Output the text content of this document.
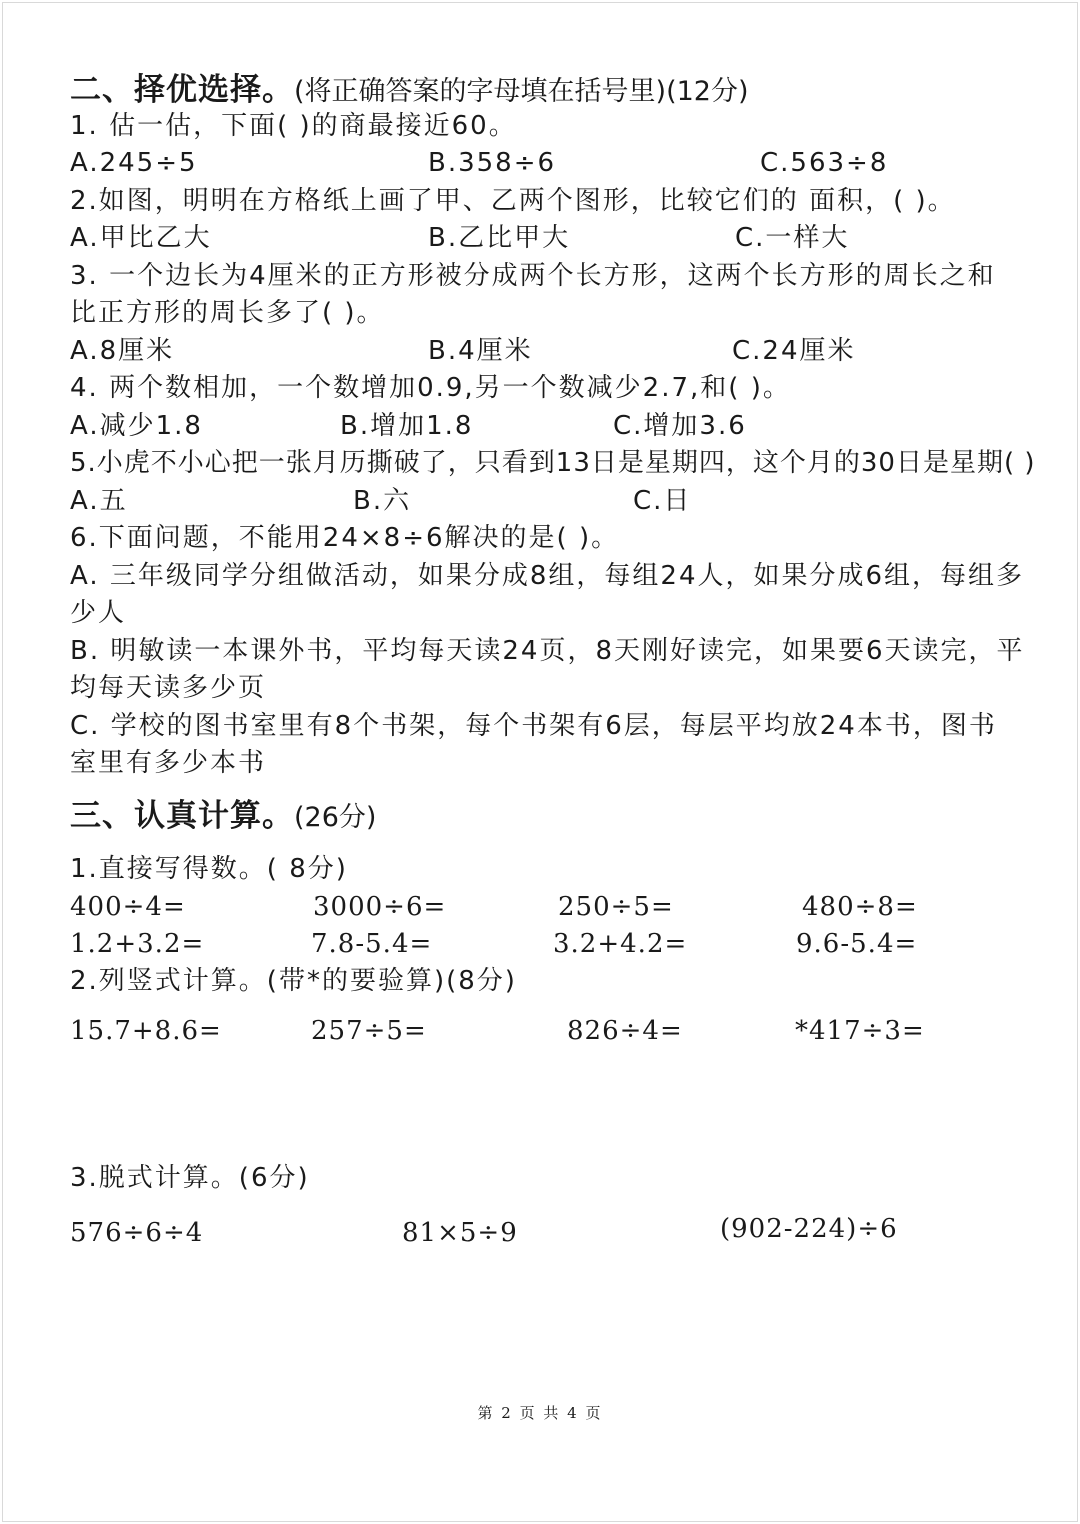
二、择优选择。(将正确答案的字母填在括号里)(12分)
1. 估一估，下面( )的商最接近60。
A.245÷5	B.358÷6	C.563÷8
2.如图，明明在方格纸上画了甲、乙两个图形，比较它们的 面积，( )。
A.甲比乙大	B.乙比甲大	C.一样大
3. 一个边长为4厘米的正方形被分成两个长方形，这两个长方形的周长之和
比正方形的周长多了( )。
A.8厘米	B.4厘米	C.24厘米
4. 两个数相加，一个数增加0.9,另一个数减少2.7,和( )。
A.减少1.8	B.增加1.8	C.增加3.6
5.小虎不小心把一张月历撕破了，只看到13日是星期四，这个月的30日是星期( )
A.五	B.六	C.日
6.下面问题，不能用24×8÷6解决的是( )。
A. 三年级同学分组做活动，如果分成8组，每组24人，如果分成6组，每组多
少人
B. 明敏读一本课外书，平均每天读24页，8天刚好读完，如果要6天读完，平
均每天读多少页
C. 学校的图书室里有8个书架，每个书架有6层，每层平均放24本书，图书
室里有多少本书
三、认真计算。(26分)
1.直接写得数。( 8分)
400÷4=	3000÷6=	250÷5=	480÷8=
1.2+3.2=	7.8-5.4=	3.2+4.2=	9.6-5.4=
2.列竖式计算。(带*的要验算)(8分)
15.7+8.6=	257÷5=	826÷4=	*417÷3=
3.脱式计算。(6分)
576÷6÷4	81×5÷9	(902-224)÷6
第 2 页 共 4 页
